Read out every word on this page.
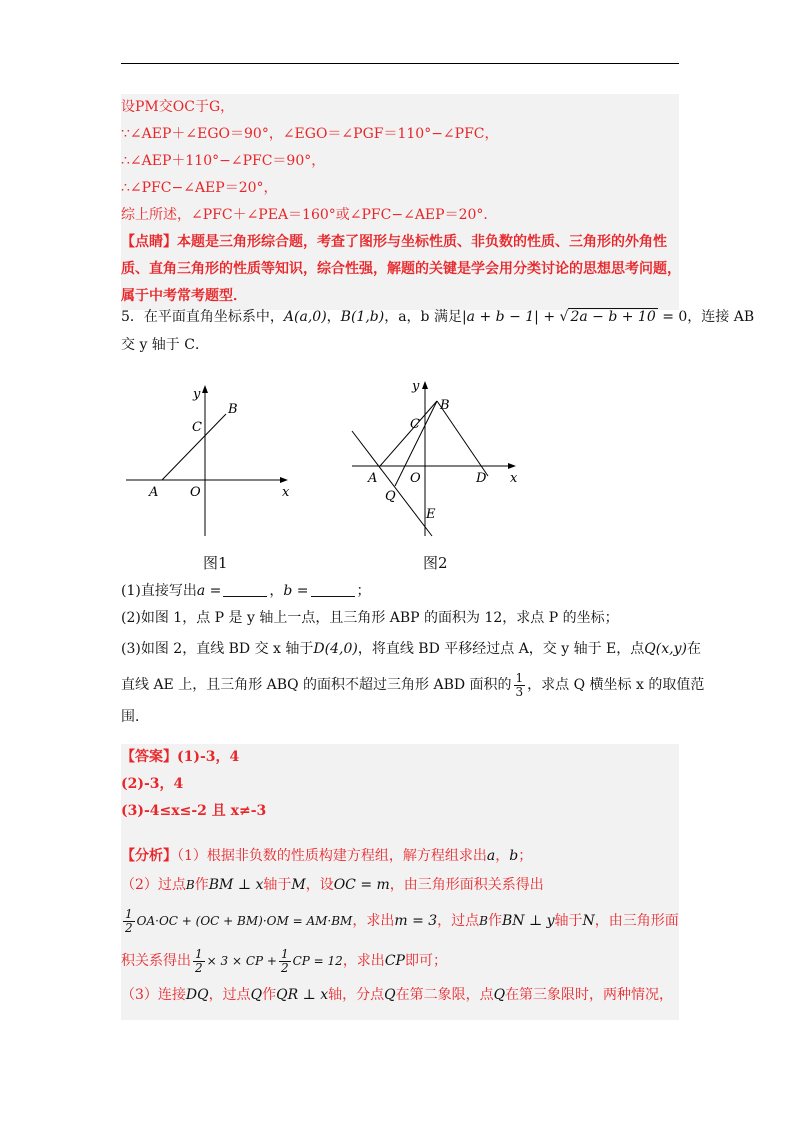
设PM交OC于G，
∵∠AEP＋∠EGO＝90°，∠EGO＝∠PGF＝110°−∠PFC，
∴∠AEP＋110°−∠PFC＝90°，
∴∠PFC−∠AEP＝20°，
综上所述，∠PFC＋∠PEA＝160°或∠PFC−∠AEP＝20°．
【点睛】本题是三角形综合题，考查了图形与坐标性质、非负数的性质、三角形的外角性
质、直角三角形的性质等知识，综合性强，解题的关键是学会用分类讨论的思想思考问题，
属于中考常考题型．
5．在平面直角坐标系中，A(a,0)，B(1,b)，a，b 满足|a + b − 1| + √ 2a − b + 10 = 0，连接 AB
交 y 轴于 C．
y
B
C
A O	x
图1
y
B
C
A	O	D x
Q
E
图2
(1)直接写出a =	，b =	；
(2)如图 1，点 P 是 y 轴上一点，且三角形 ABP 的面积为 12，求点 P 的坐标；
(3)如图 2，直线 BD 交 x 轴于D(4,0)，将直线 BD 平移经过点 A，交 y 轴于 E，点Q(x,y)在
直线 AE 上，且三角形 ABQ 的面积不超过三角形 ABD 面积的 $\frac{1}{3}$ ，求点 Q 横坐标 x 的取值范
围．
【答案】(1)-3，4
(2)-3，4
(3)-4≤x≤-2 且 x≠-3
【分析】（1）根据非负数的性质构建方程组，解方程组求出a，b；
（2）过点B作BM ⊥ x轴于M，设OC = m，由三角形面积关系得出
$\frac{1}{2} OA\cdot OC + (OC + BM)\cdot OM = AM\cdot BM$，求出m = 3，过点B作BN ⊥ y轴于N，由三角形面
积关系得出 $\frac{1}{2} \times 3$ × CP + $\frac{1}{2}$ CP = 12，求出CP即可；
（3）连接DQ，过点Q作QR ⊥ x轴，分点Q在第二象限，点Q在第三象限时，两种情况，
